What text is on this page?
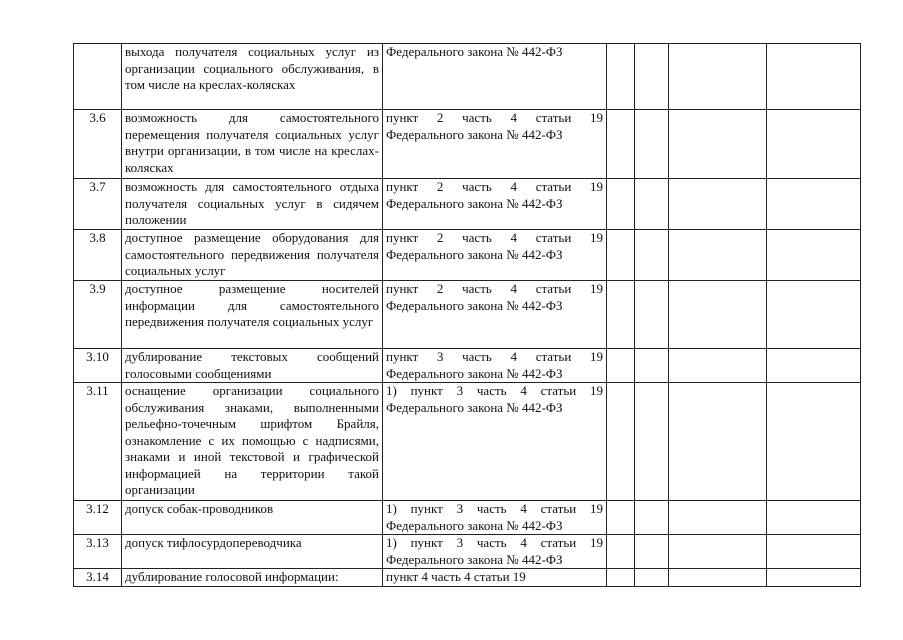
	выхода получателя социальных услуг из организации социального обслуживания, в том числе на креслах-колясках	Федерального закона № 442-ФЗ				
3.6	возможность для самостоятельного перемещения получателя социальных услуг внутри организации, в том числе на креслах-колясках	пункт 2 часть 4 статьи 19 Федерального закона № 442-ФЗ				
3.7	возможность для самостоятельного отдыха получателя социальных услуг в сидячем положении	пункт 2 часть 4 статьи 19 Федерального закона № 442-ФЗ				
3.8	доступное размещение оборудования для самостоятельного передвижения получателя социальных услуг	пункт 2 часть 4 статьи 19 Федерального закона № 442-ФЗ				
3.9	доступное размещение носителей информации для самостоятельного передвижения получателя социальных услуг	пункт 2 часть 4 статьи 19 Федерального закона № 442-ФЗ				
3.10	дублирование текстовых сообщений голосовыми сообщениями	пункт 3 часть 4 статьи 19 Федерального закона № 442-ФЗ				
3.11	оснащение организации социального обслуживания знаками, выполненными рельефно-точечным шрифтом Брайля, ознакомление с их помощью с надписями, знаками и иной текстовой и графической информацией на территории такой организации	1) пункт 3 часть 4 статьи 19 Федерального закона № 442-ФЗ				
3.12	допуск собак-проводников	1) пункт 3 часть 4 статьи 19 Федерального закона № 442-ФЗ				
3.13	допуск тифлосурдопереводчика	1) пункт 3 часть 4 статьи 19 Федерального закона № 442-ФЗ				
3.14	дублирование голосовой информации:	пункт 4 часть 4 статьи 19				
